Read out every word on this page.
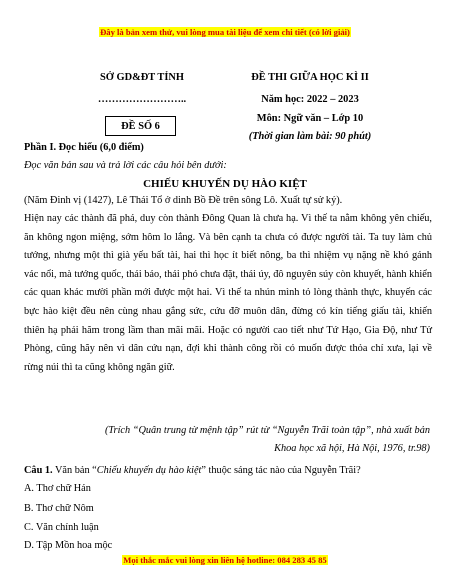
Đây là bản xem thử, vui lòng mua tài liệu để xem chi tiết (có lời giải)
SỞ GD&ĐT TỈNH
……………………..
ĐỀ SỐ 6
ĐỀ THI GIỮA HỌC KÌ II
Năm học: 2022 – 2023
Môn: Ngữ văn – Lớp 10
(Thời gian làm bài: 90 phút)
Phần I. Đọc hiểu (6,0 điểm)
Đọc văn bản sau và trả lời các câu hỏi bên dưới:
CHIẾU KHUYẾN DỤ HÀO KIỆT
(Năm Đinh vị (1427), Lê Thái Tổ ở dinh Bồ Đề trên sông Lô. Xuất tự sử ký).
Hiện nay các thành đã phá, duy còn thành Đông Quan là chưa hạ. Vì thế ta nằm không yên chiếu, ăn không ngon miệng, sớm hôm lo lắng. Và bên cạnh ta chưa có được người tài. Ta tuy làm chủ tướng, nhưng một thì già yếu bất tài, hai thì học ít biết nông, ba thì nhiệm vụ nặng nề khó gánh vác nổi, mà tướng quốc, thái bảo, thái phó chưa đặt, thái úy, đô nguyên súy còn khuyết, hành khiển các quan khác mười phần mới được một hai. Vì thế ta nhún mình tỏ lòng thành thực, khuyến các bực hào kiệt đều nên cùng nhau gắng sức, cứu đỡ muôn dân, đừng có kín tiếng giấu tài, khiến thiên hạ phải hãm trong lầm than mãi mãi. Hoặc có người cao tiết như Tứ Hạo, Gia Độ, như Tử Phòng, cũng hãy nên vì dân cứu nạn, đợi khi thành công rồi có muốn được thỏa chí xưa, lại về rừng núi thì ta cũng không ngăn giữ.
(Trích “Quân trung từ mệnh tập” rút từ “Nguyễn Trãi toàn tập”, nhà xuất bản
Khoa học xã hội, Hà Nội, 1976, tr.98)
Câu 1. Văn bản “Chiếu khuyến dụ hào kiệt” thuộc sáng tác nào của Nguyễn Trãi?
A. Thơ chữ Hán
B. Thơ chữ Nôm
C. Văn chính luận
D. Tập Mồn hoa mộc
Mọi thắc mắc vui lòng xin liên hệ hotline: 084 283 45 85
